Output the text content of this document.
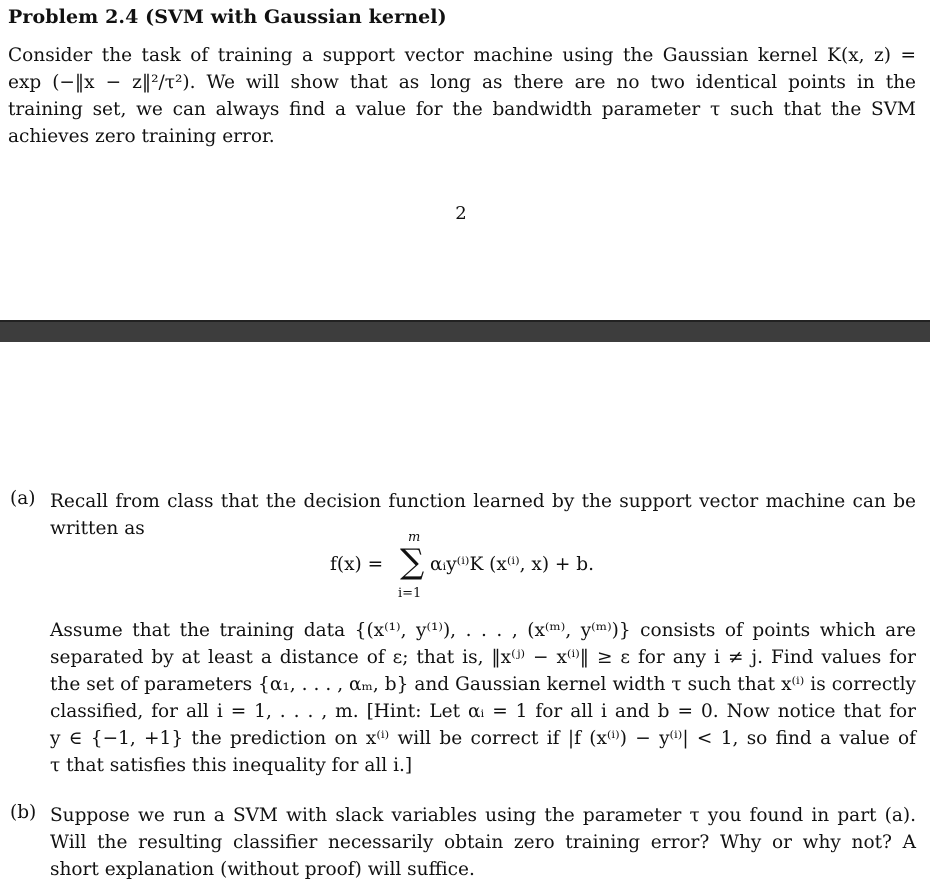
Problem 2.4 (SVM with Gaussian kernel)
Consider the task of training a support vector machine using the Gaussian kernel K(x, z) =
exp (−‖x − z‖²/τ²). We will show that as long as there are no two identical points in the
training set, we can always find a value for the bandwidth parameter τ such that the SVM
achieves zero training error.
2
(a) Recall from class that the decision function learned by the support vector machine can be
written as
f(x) =
m
∑
i=1
αᵢy⁽ⁱ⁾K (x⁽ⁱ⁾, x) + b.
Assume that the training data {(x⁽¹⁾, y⁽¹⁾), . . . , (x⁽ᵐ⁾, y⁽ᵐ⁾)} consists of points which are
separated by at least a distance of ε; that is, ‖x⁽ʲ⁾ − x⁽ⁱ⁾‖ ≥ ε for any i ≠ j. Find values for
the set of parameters {α₁, . . . , αₘ, b} and Gaussian kernel width τ such that x⁽ⁱ⁾ is correctly
classified, for all i = 1, . . . , m. [Hint: Let αᵢ = 1 for all i and b = 0. Now notice that for
y ∈ {−1, +1} the prediction on x⁽ⁱ⁾ will be correct if |f (x⁽ⁱ⁾) − y⁽ⁱ⁾| < 1, so find a value of
τ that satisfies this inequality for all i.]
(b) Suppose we run a SVM with slack variables using the parameter τ you found in part (a).
Will the resulting classifier necessarily obtain zero training error? Why or why not? A
short explanation (without proof) will suffice.
